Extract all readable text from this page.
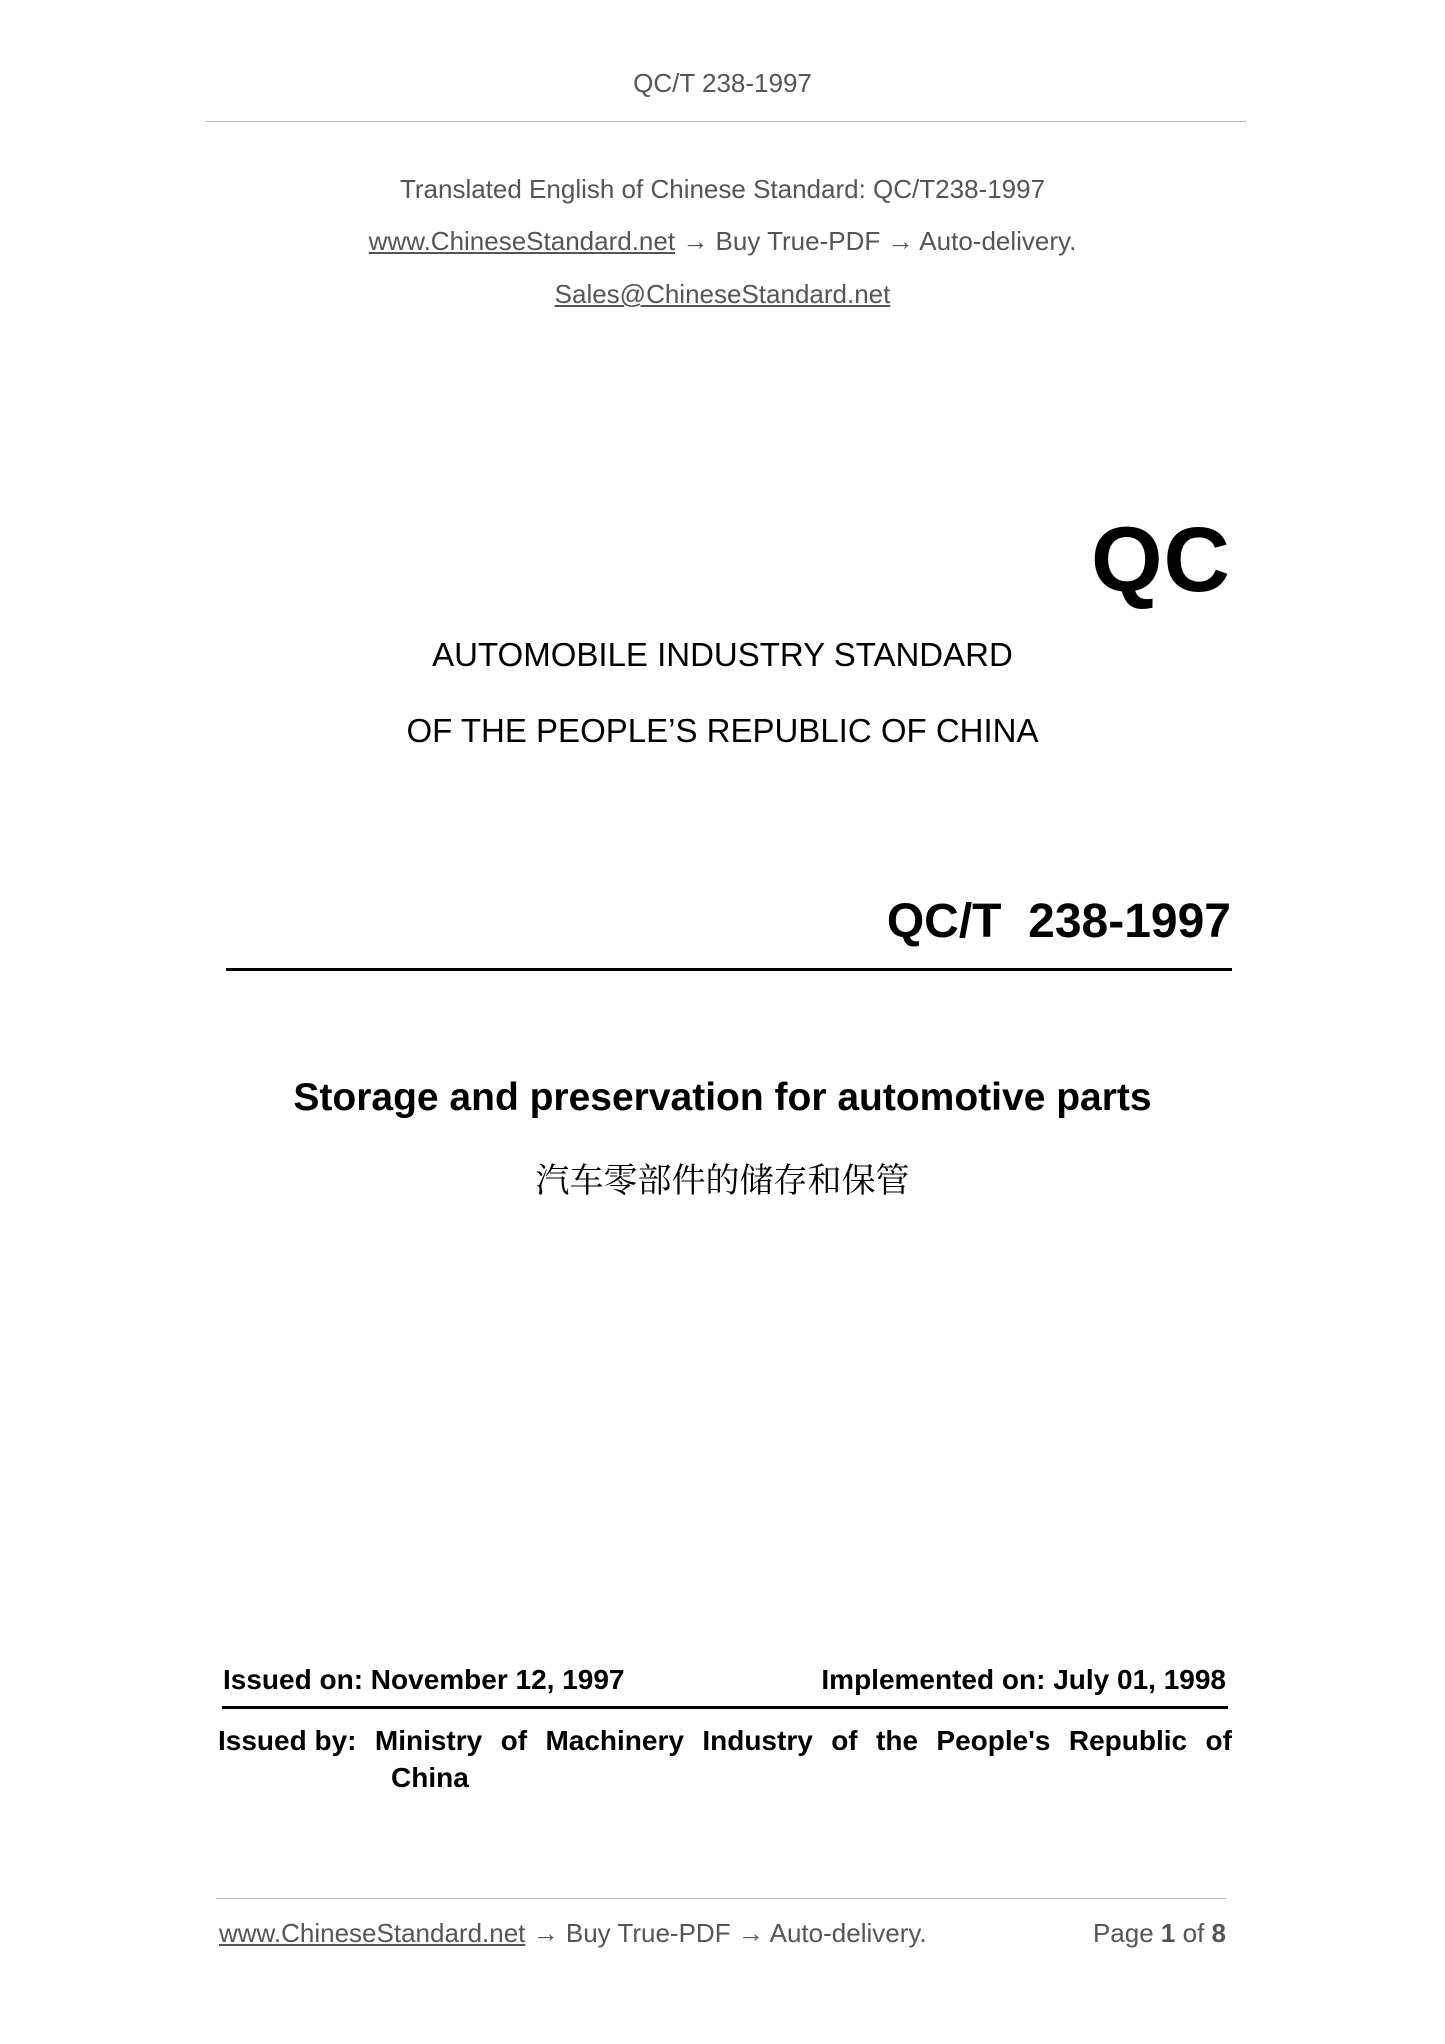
QC/T 238-1997
Translated English of Chinese Standard: QC/T238-1997
www.ChineseStandard.net → Buy True-PDF → Auto-delivery.
Sales@ChineseStandard.net
QC
AUTOMOBILE INDUSTRY STANDARD
OF THE PEOPLE’S REPUBLIC OF CHINA
QC/T  238-1997
Storage and preservation for automotive parts
汽车零部件的储存和保管
Issued on: November 12, 1997	Implemented on: July 01, 1998
Issued by: Ministry of Machinery Industry of the People's Republic of
China
www.ChineseStandard.net → Buy True-PDF → Auto-delivery.	Page 1 of 8
